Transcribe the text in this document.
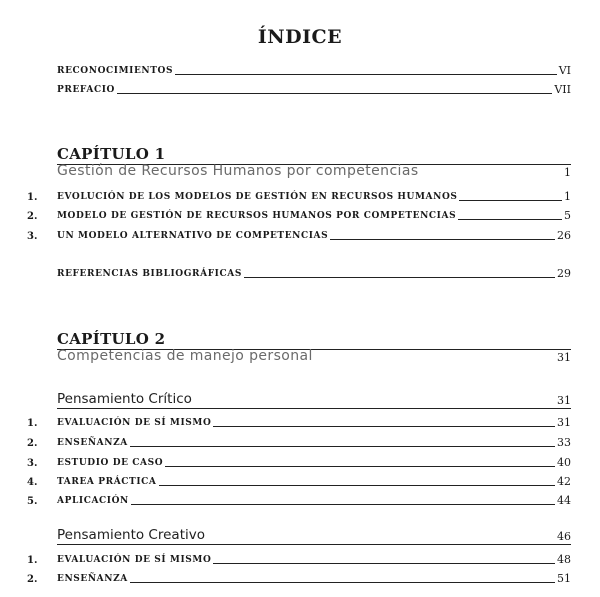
ÍNDICE
RECONOCIMIENTOS	VI
PREFACIO	VII
CAPÍTULO 1
Gestión de Recursos Humanos por competencias	1
1. EVOLUCIÓN DE LOS MODELOS DE GESTIÓN EN RECURSOS HUMANOS	1
2. MODELO DE GESTIÓN DE RECURSOS HUMANOS POR COMPETENCIAS	5
3. UN MODELO ALTERNATIVO DE COMPETENCIAS	26
REFERENCIAS BIBLIOGRÁFICAS	29
CAPÍTULO 2
Competencias de manejo personal	31
Pensamiento Crítico	31
1. EVALUACIÓN DE SÍ MISMO	31
2. ENSEÑANZA	33
3. ESTUDIO DE CASO	40
4. TAREA PRÁCTICA	42
5. APLICACIÓN	44
Pensamiento Creativo	46
1. EVALUACIÓN DE SÍ MISMO	48
2. ENSEÑANZA	51
